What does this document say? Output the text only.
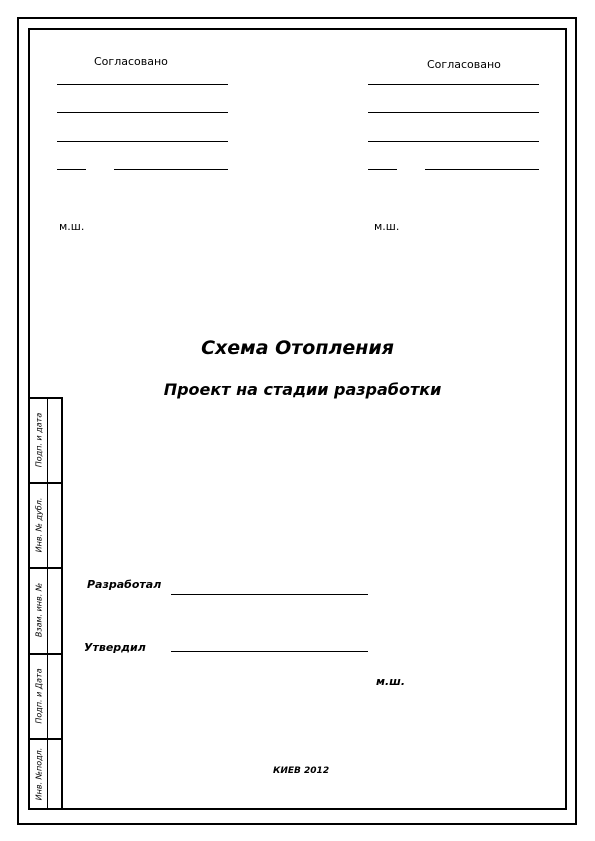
Согласовано
м.ш.
Согласовано
м.ш.
Схема Отопления
Проект на стадии разработки
Разработал
Утвердил
м.ш.
КИЕВ 2012
Подп. и дата
Инв. № дубл.
Взам. инв. №
Подп. и Дата
Инв. №подл.
